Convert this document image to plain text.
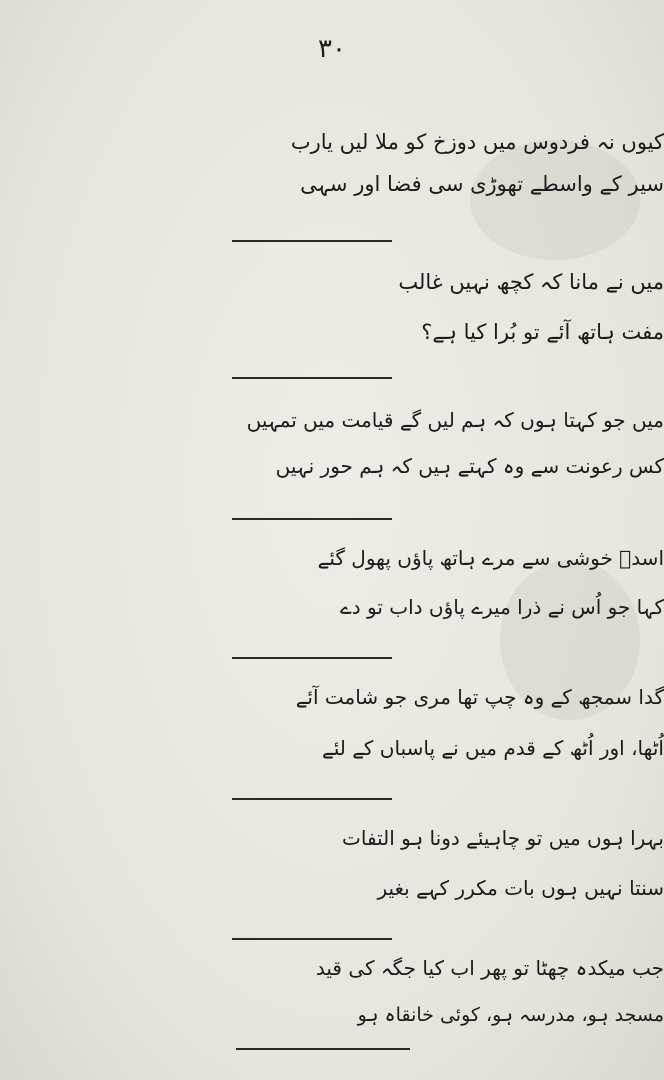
۳۰
کیوں نہ فردوس میں دوزخ کو ملا لیں یارب
سیر کے واسطے تھوڑی سی فضا اور سہی
میں نے مانا کہ کچھ نہیں غالب
مفت ہاتھ آئے تو بُرا کیا ہے؟
میں جو کہتا ہوں کہ ہم لیں گے قیامت میں تمہیں
کس رعونت سے وہ کہتے ہیں کہ ہم حور نہیں
اسدؔ خوشی سے مرے ہاتھ پاؤں پھول گئے
کہا جو اُس نے ذرا میرے پاؤں داب تو دے
گدا سمجھ کے وہ چپ تھا مری جو شامت آئے
اُٹھا، اور اُٹھ کے قدم میں نے پاسباں کے لئے
بہرا ہوں میں تو چاہیئے دونا ہو التفات
سنتا نہیں ہوں بات مکرر کہے بغیر
جب میکدہ چھٹا تو پھر اب کیا جگہ کی قید
مسجد ہو، مدرسہ ہو، کوئی خانقاہ ہو
